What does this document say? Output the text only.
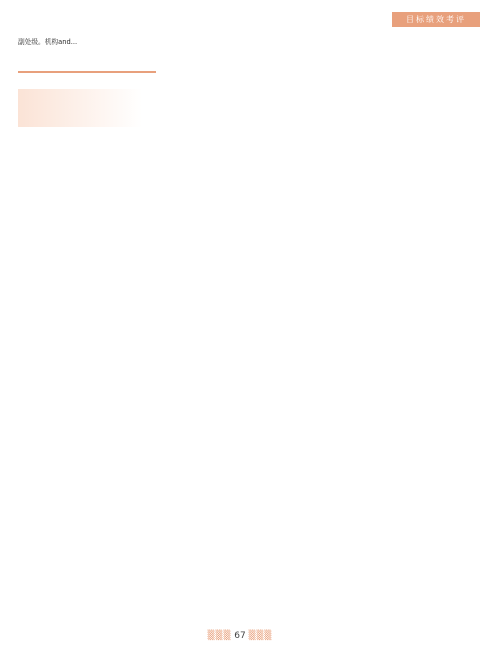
目标绩效考评

副处级。机构and...

▒▒▒ 67 ▒▒▒
